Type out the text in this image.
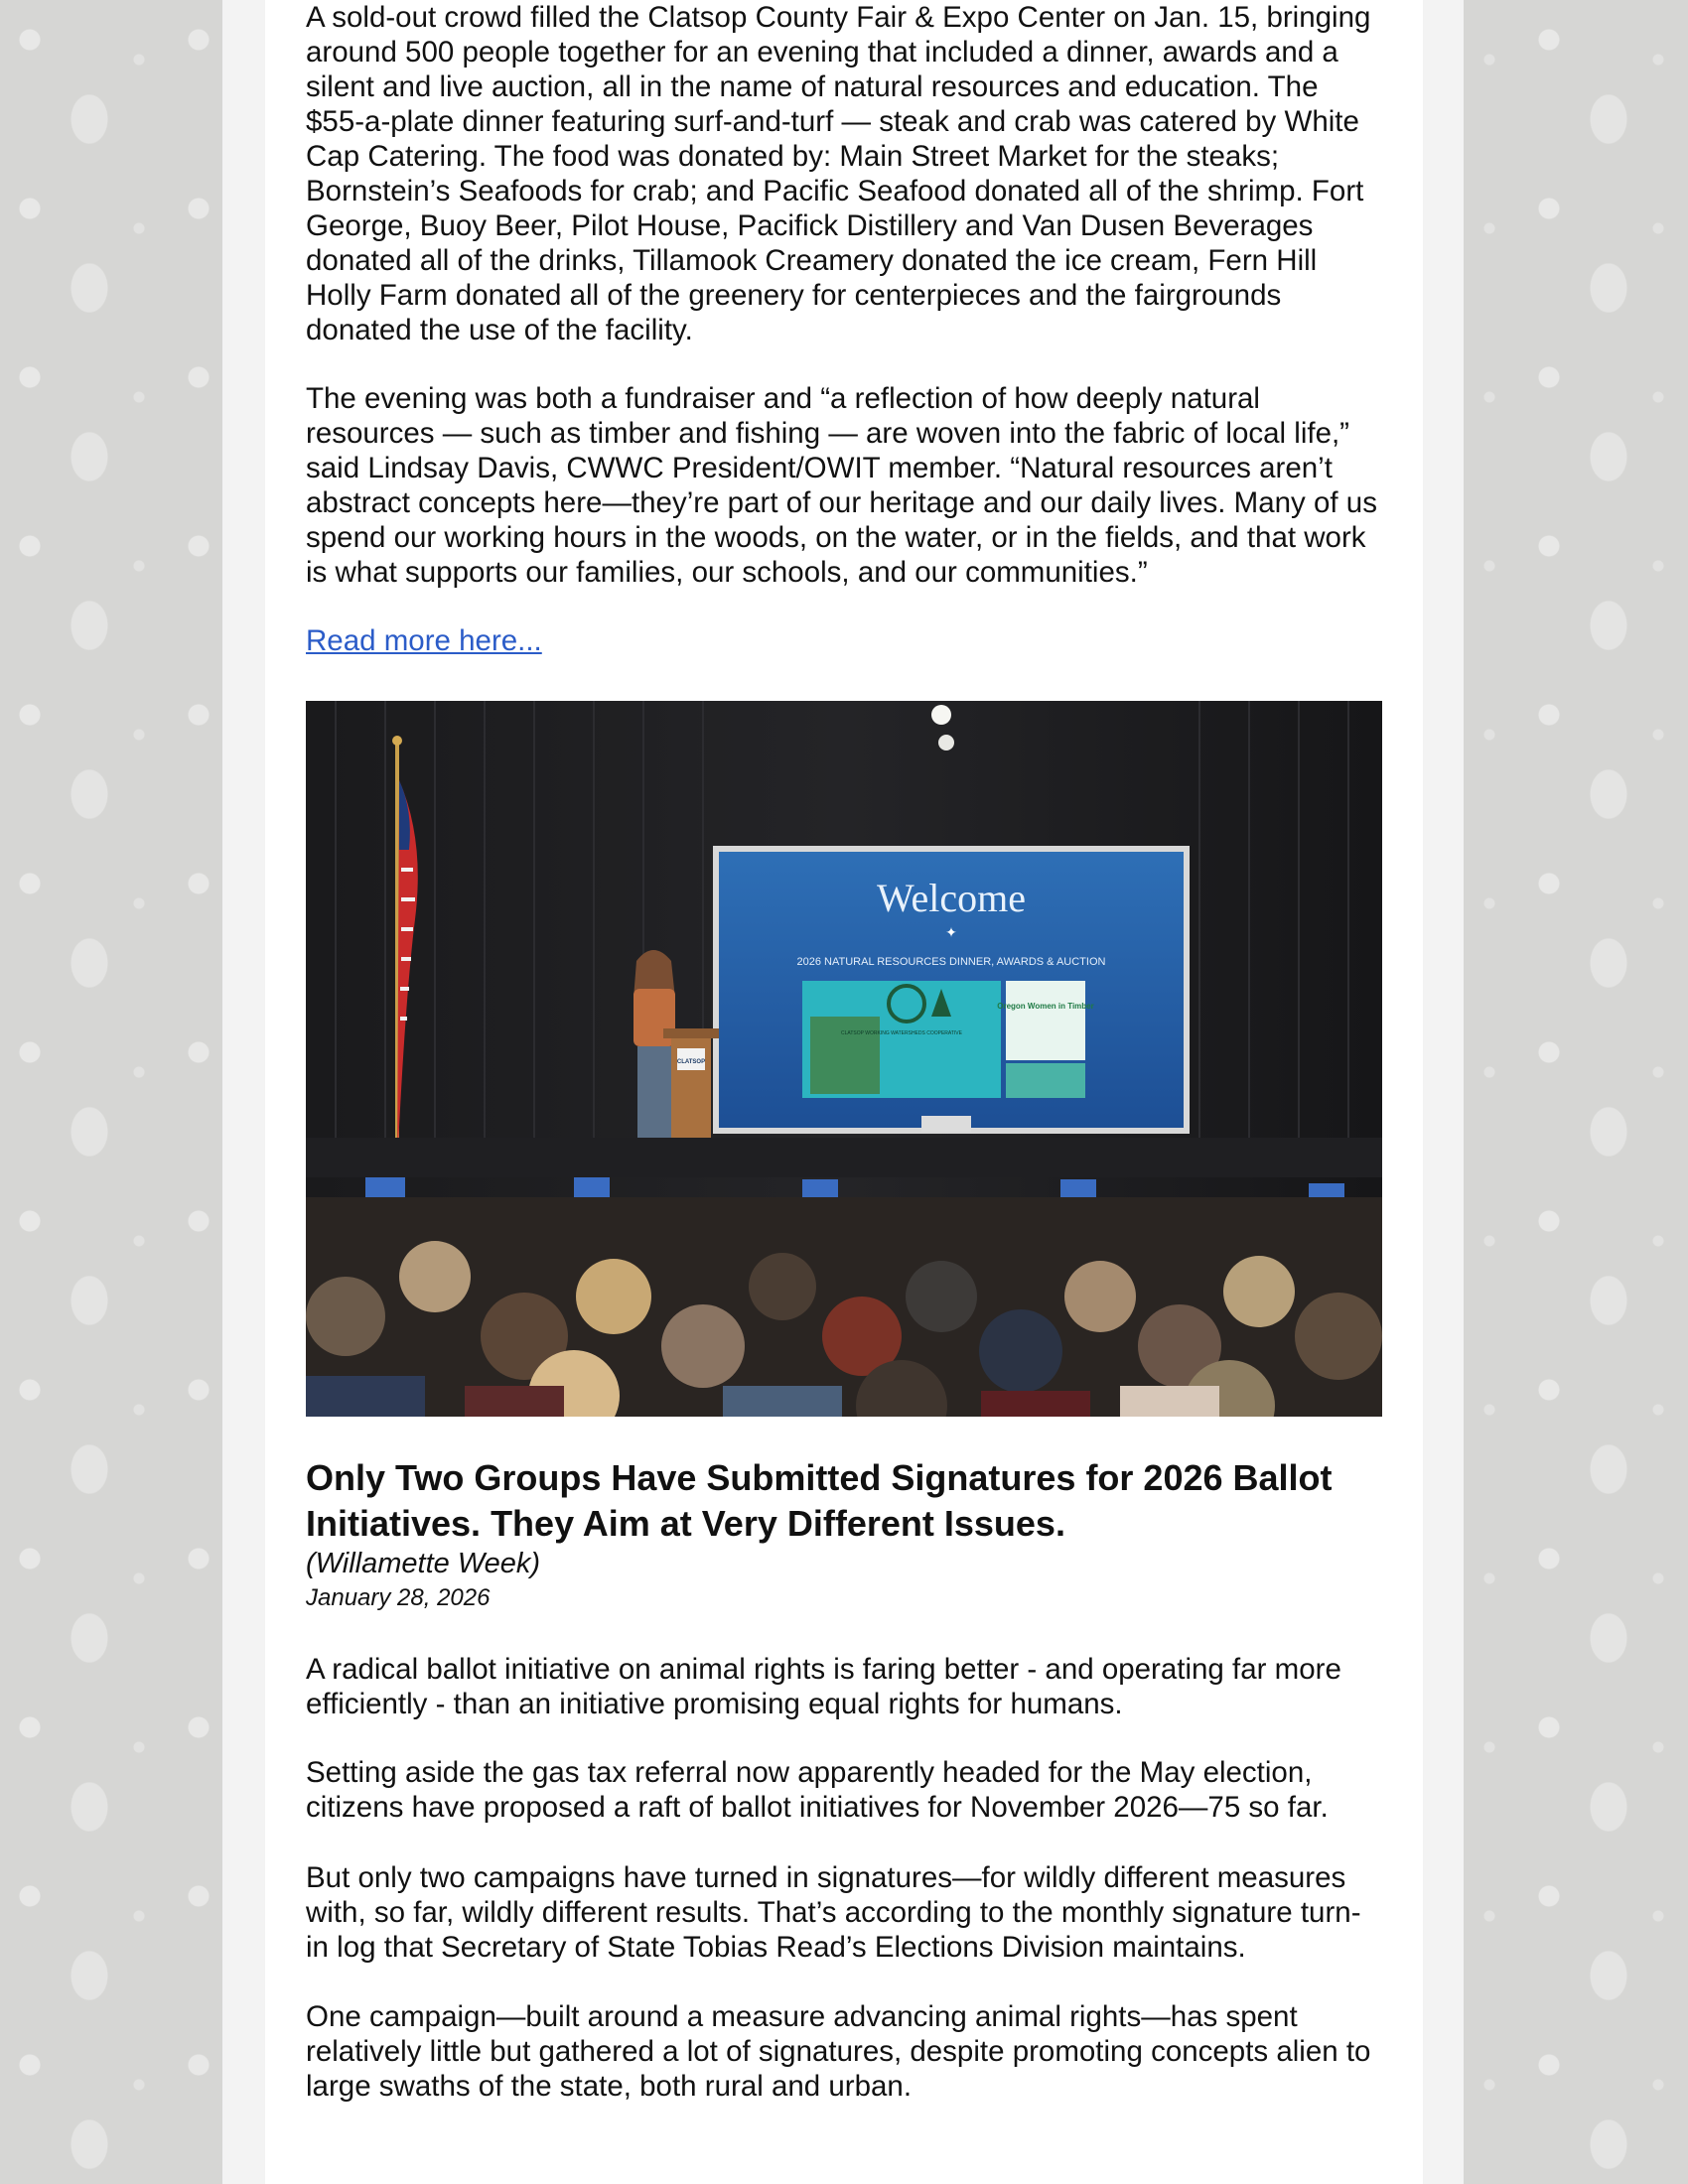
A sold-out crowd filled the Clatsop County Fair & Expo Center on Jan. 15, bringing around 500 people together for an evening that included a dinner, awards and a silent and live auction, all in the name of natural resources and education. The $55-a-plate dinner featuring surf-and-turf — steak and crab was catered by White Cap Catering. The food was donated by: Main Street Market for the steaks; Bornstein’s Seafoods for crab; and Pacific Seafood donated all of the shrimp. Fort George, Buoy Beer, Pilot House, Pacifick Distillery and Van Dusen Beverages donated all of the drinks, Tillamook Creamery donated the ice cream, Fern Hill Holly Farm donated all of the greenery for centerpieces and the fairgrounds donated the use of the facility.

The evening was both a fundraiser and “a reflection of how deeply natural resources — such as timber and fishing — are woven into the fabric of local life,” said Lindsay Davis, CWWC President/OWIT member. “Natural resources aren’t abstract concepts here—they’re part of our heritage and our daily lives. Many of us spend our working hours in the woods, on the water, or in the fields, and that work is what supports our families, our schools, and our communities.”

Read more here...
Welcome
✦
2026 NATURAL RESOURCES DINNER, AWARDS & AUCTION
CLATSOP WORKING WATERSHEDS COOPERATIVE
Oregon Women in Timber
CLATSOP
Only Two Groups Have Submitted Signatures for 2026 Ballot Initiatives. They Aim at Very Different Issues.
(Willamette Week)
January 28, 2026

A radical ballot initiative on animal rights is faring better - and operating far more efficiently - than an initiative promising equal rights for humans.

Setting aside the gas tax referral now apparently headed for the May election, citizens have proposed a raft of ballot initiatives for November 2026—75 so far.

But only two campaigns have turned in signatures—for wildly different measures with, so far, wildly different results. That’s according to the monthly signature turn-in log that Secretary of State Tobias Read’s Elections Division maintains.

One campaign—built around a measure advancing animal rights—has spent relatively little but gathered a lot of signatures, despite promoting concepts alien to large swaths of the state, both rural and urban.
